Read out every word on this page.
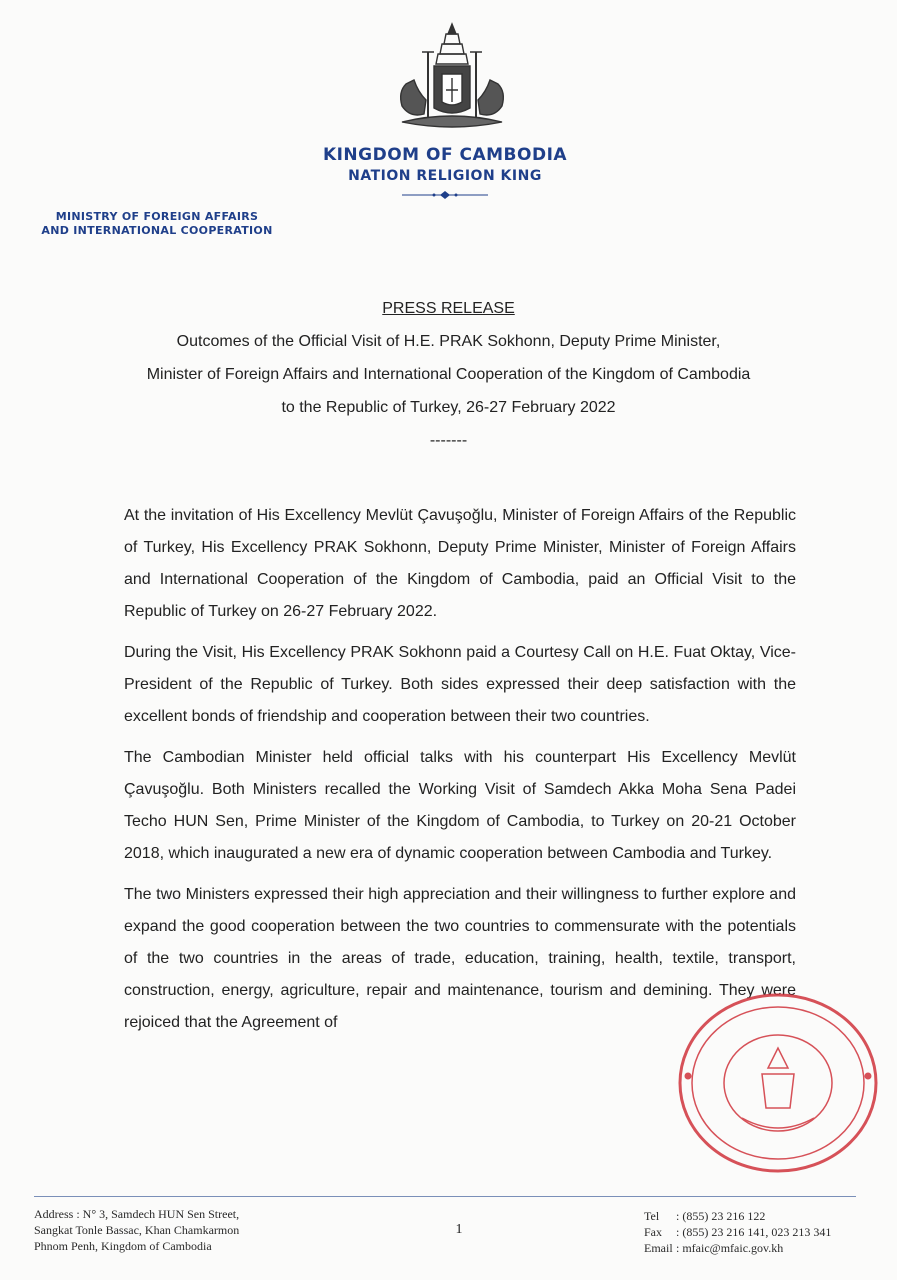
KINGDOM OF CAMBODIA
NATION RELIGION KING
MINISTRY OF FOREIGN AFFAIRS
AND INTERNATIONAL COOPERATION
PRESS RELEASE
Outcomes of the Official Visit of H.E. PRAK Sokhonn, Deputy Prime Minister,
Minister of Foreign Affairs and International Cooperation of the Kingdom of Cambodia
to the Republic of Turkey, 26-27 February 2022
-------

At the invitation of His Excellency Mevlüt Çavuşoğlu, Minister of Foreign Affairs of the Republic of Turkey, His Excellency PRAK Sokhonn, Deputy Prime Minister, Minister of Foreign Affairs and International Cooperation of the Kingdom of Cambodia, paid an Official Visit to the Republic of Turkey on 26-27 February 2022.

During the Visit, His Excellency PRAK Sokhonn paid a Courtesy Call on H.E. Fuat Oktay, Vice-President of the Republic of Turkey. Both sides expressed their deep satisfaction with the excellent bonds of friendship and cooperation between their two countries.

The Cambodian Minister held official talks with his counterpart His Excellency Mevlüt Çavuşoğlu. Both Ministers recalled the Working Visit of Samdech Akka Moha Sena Padei Techo HUN Sen, Prime Minister of the Kingdom of Cambodia, to Turkey on 20-21 October 2018, which inaugurated a new era of dynamic cooperation between Cambodia and Turkey.

The two Ministers expressed their high appreciation and their willingness to further explore and expand the good cooperation between the two countries to commensurate with the potentials of the two countries in the areas of trade, education, training, health, textile, transport, construction, energy, agriculture, repair and maintenance, tourism and demining. They were rejoiced that the Agreement of

Address : N° 3, Samdech HUN Sen Street,
Sangkat Tonle Bassac, Khan Chamkarmon
Phnom Penh, Kingdom of Cambodia
1
Tel : (855) 23 216 122
Fax : (855) 23 216 141, 023 213 341
Email : mfaic@mfaic.gov.kh
